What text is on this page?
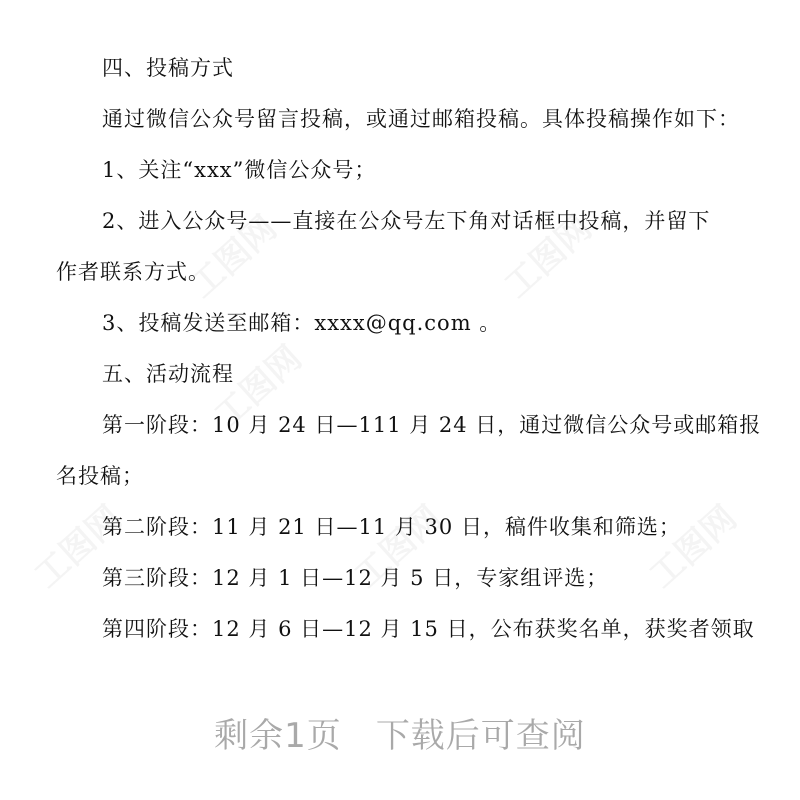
工图网	工图网
工图网
工图网	工图网	工图网
四、投稿方式
通过微信公众号留言投稿，或通过邮箱投稿。具体投稿操作如下：
1、关注“xxx”微信公众号；
2、进入公众号——直接在公众号左下角对话框中投稿，并留下
作者联系方式。
3、投稿发送至邮箱：xxxx@qq.com 。
五、活动流程
第一阶段：10 月 24 日—111 月 24 日，通过微信公众号或邮箱报
名投稿；
第二阶段：11 月 21 日—11 月 30 日，稿件收集和筛选；
第三阶段：12 月 1 日—12 月 5 日，专家组评选；
第四阶段：12 月 6 日—12 月 15 日，公布获奖名单，获奖者领取
剩余1页 下载后可查阅
